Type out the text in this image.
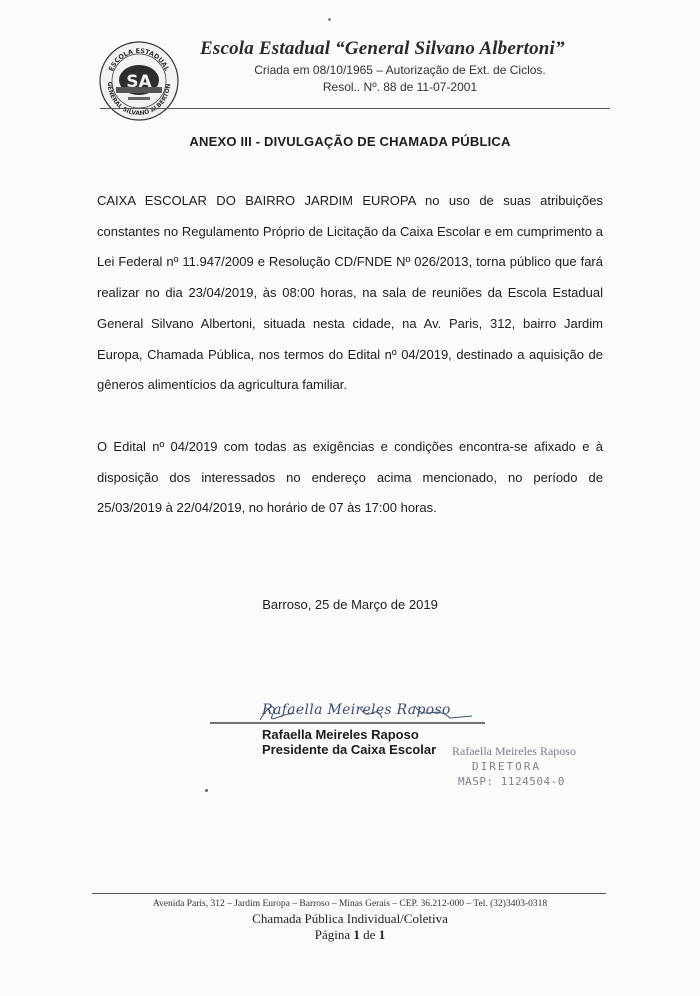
ESCOLA ESTADUAL
GENERAL SILVANO ALBERTON
SA
Escola Estadual “General Silvano Albertoni”
Criada em 08/10/1965 – Autorização de Ext. de Ciclos.
Resol.. Nº. 88 de 11-07-2001
ANEXO III - DIVULGAÇÃO DE CHAMADA PÚBLICA
CAIXA ESCOLAR DO BAIRRO JARDIM EUROPA no uso de suas atribuições constantes no Regulamento Próprio de Licitação da Caixa Escolar e em cumprimento a Lei Federal nº 11.947/2009 e Resolução CD/FNDE Nº 026/2013, torna público que fará realizar no dia 23/04/2019, às 08:00 horas, na sala de reuniões da Escola Estadual General Silvano Albertoni, situada nesta cidade, na Av. Paris, 312, bairro Jardim Europa, Chamada Pública, nos termos do Edital nº 04/2019, destinado a aquisição de gêneros alimentícios da agricultura familiar.
O Edital nº 04/2019 com todas as exigências e condições encontra-se afixado e à disposição dos interessados no endereço acima mencionado, no período de 25/03/2019 à 22/04/2019, no horário de 07 às 17:00 horas.
Barroso, 25 de Março de 2019
Rafaella Meireles Raposo
Rafaella Meireles Raposo
Presidente da Caixa Escolar Rafaella Meireles Raposo
DIRETORA
MASP: 1124504-0
Avenida Paris, 312 – Jardim Europa – Barroso – Minas Gerais – CEP. 36.212-000 – Tel. (32)3403-0318
Chamada Pública Individual/Coletiva
Página 1 de 1
